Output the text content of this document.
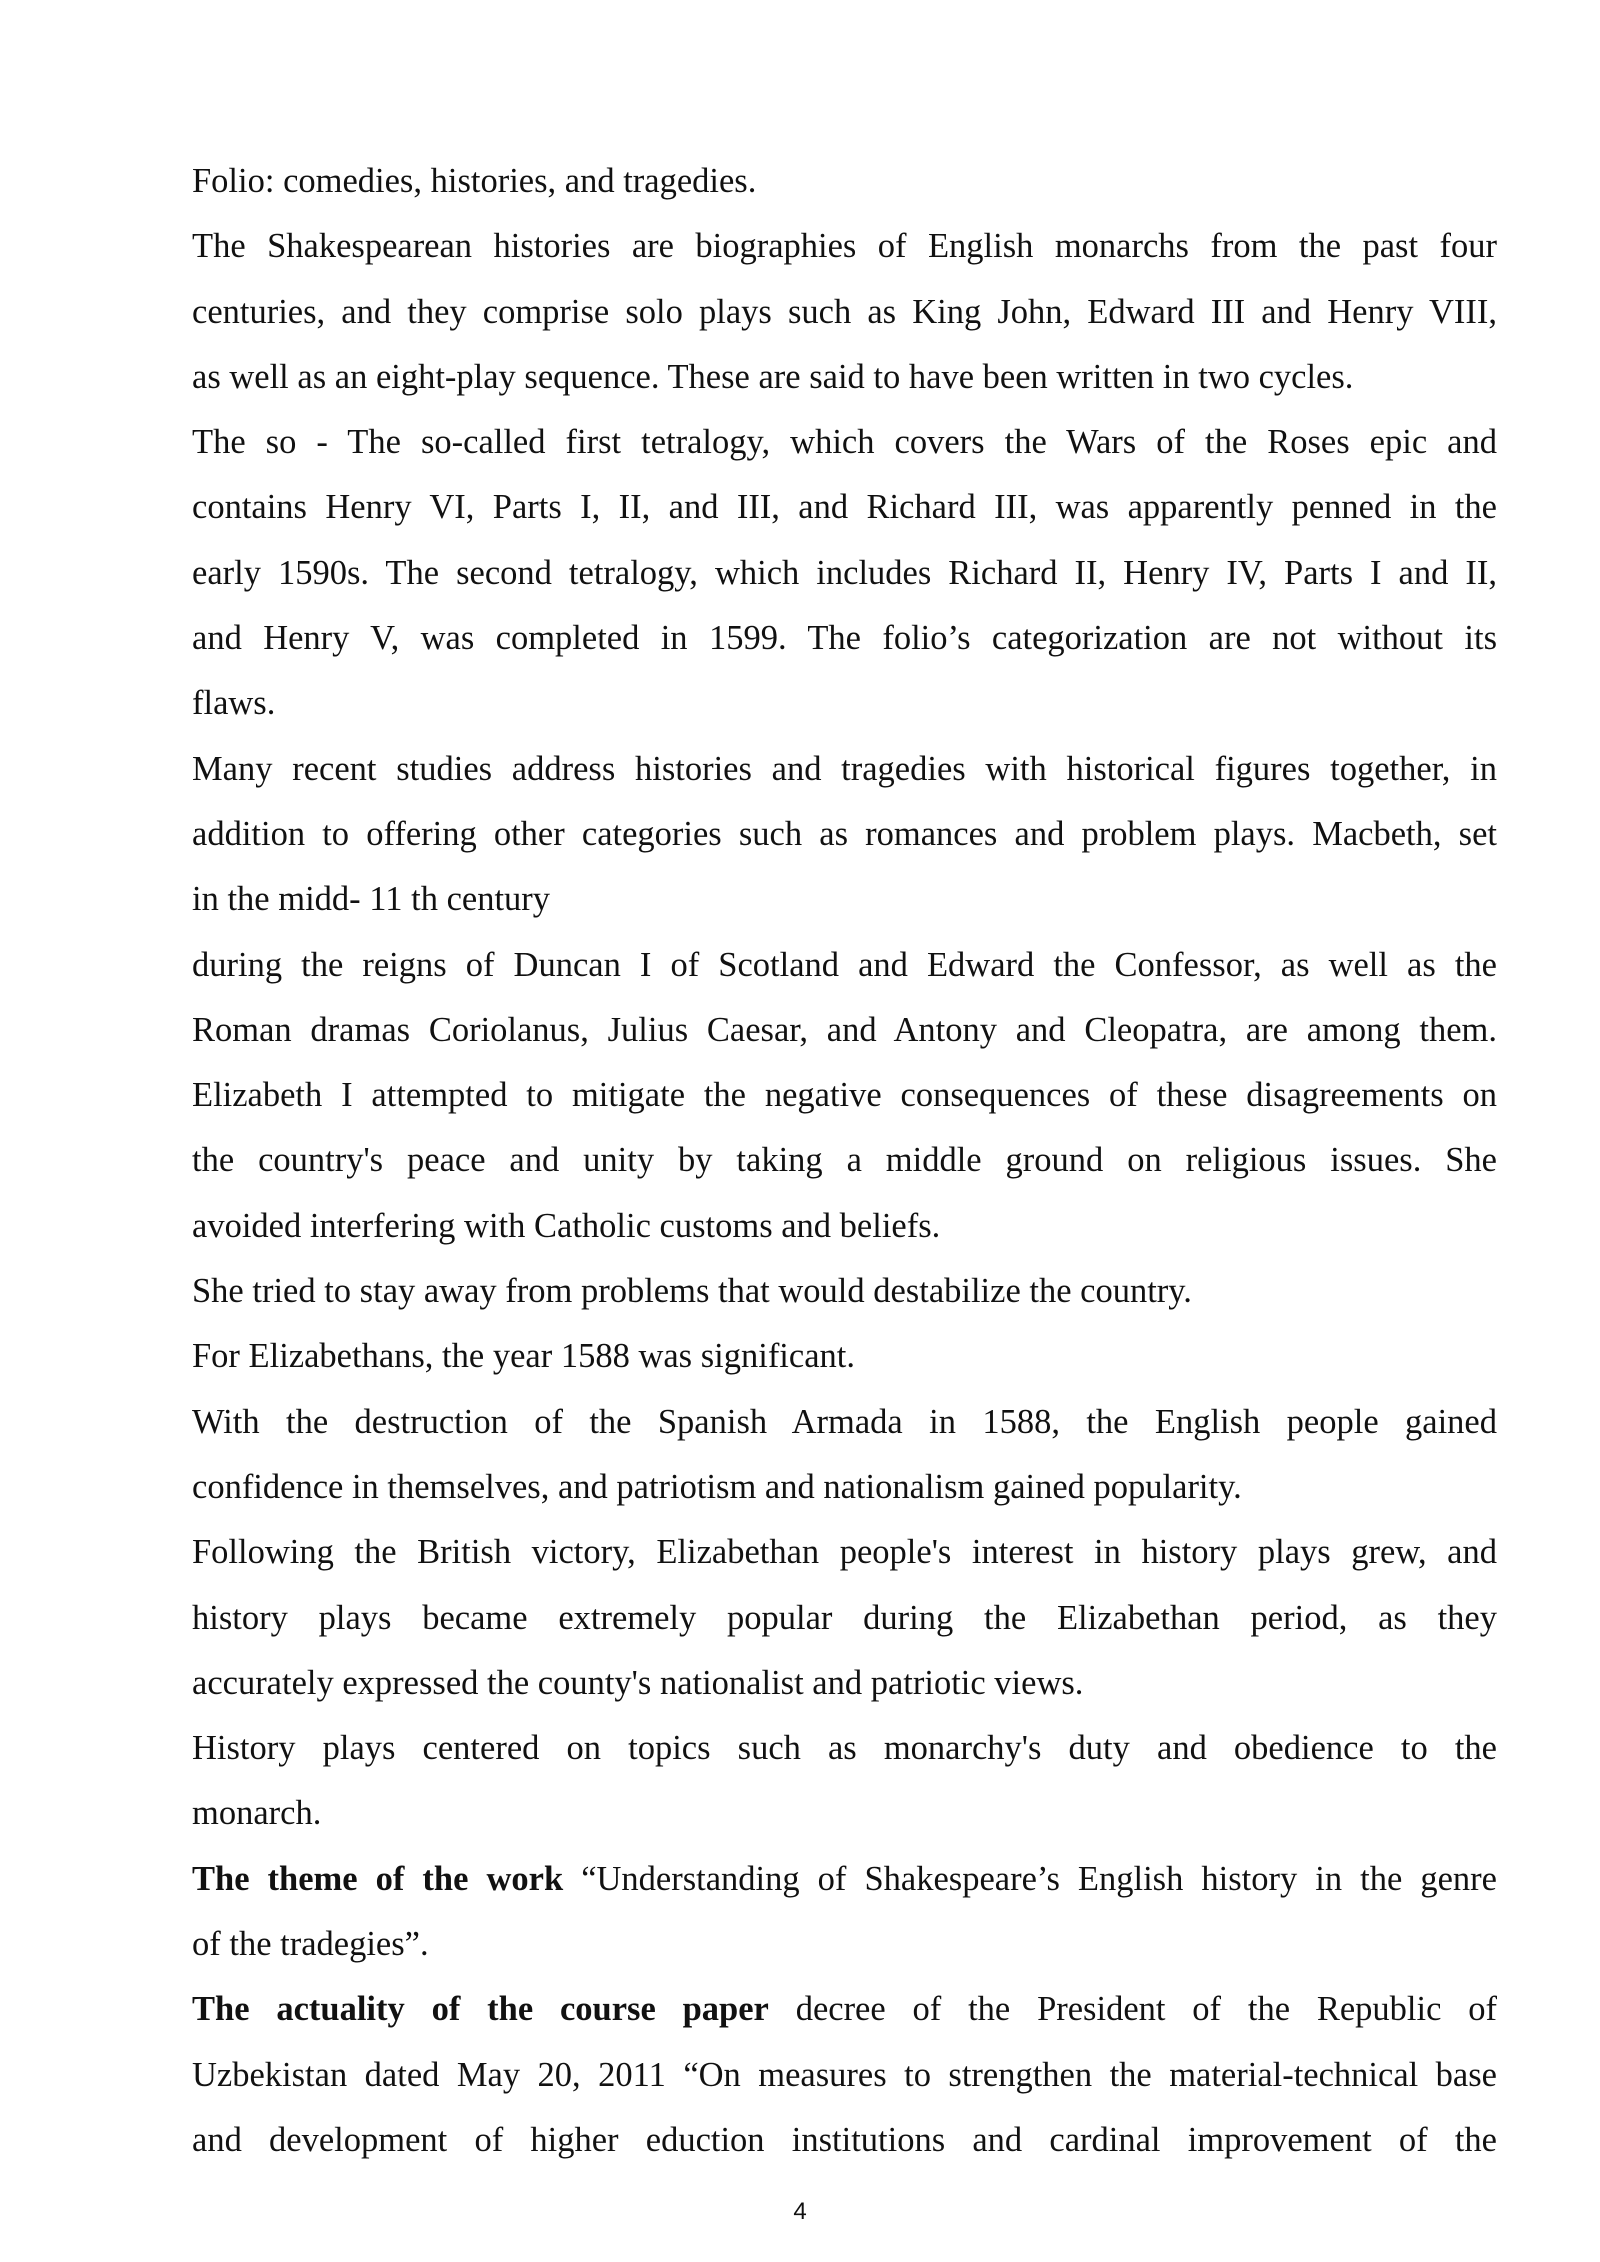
Folio: comedies, histories, and tragedies.
The Shakespearean histories are biographies of English monarchs from the past four
centuries, and they comprise solo plays such as King John, Edward III and Henry VIII,
as well as an eight-play sequence. These are said to have been written in two cycles.
The so - The so-called first tetralogy, which covers the Wars of the Roses epic and
contains Henry VI, Parts I, II, and III, and Richard III, was apparently penned in the
early 1590s. The second tetralogy, which includes Richard II, Henry IV, Parts I and II,
and Henry V, was completed in 1599. The folio’s categorization are not without its
flaws.
Many recent studies address histories and tragedies with historical figures together, in
addition to offering other categories such as romances and problem plays. Macbeth, set
in the midd- 11 th century
during the reigns of Duncan I of Scotland and Edward the Confessor, as well as the
Roman dramas Coriolanus, Julius Caesar, and Antony and Cleopatra, are among them.
Elizabeth I attempted to mitigate the negative consequences of these disagreements on
the country's peace and unity by taking a middle ground on religious issues. She
avoided interfering with Catholic customs and beliefs.
She tried to stay away from problems that would destabilize the country.
For Elizabethans, the year 1588 was significant.
With the destruction of the Spanish Armada in 1588, the English people gained
confidence in themselves, and patriotism and nationalism gained popularity.
Following the British victory, Elizabethan people's interest in history plays grew, and
history plays became extremely popular during the Elizabethan period, as they
accurately expressed the county's nationalist and patriotic views.
History plays centered on topics such as monarchy's duty and obedience to the
monarch.
The theme of the work “Understanding of Shakespeare’s English history in the genre
of the tradegies”.
The actuality of the course paper decree of the President of the Republic of
Uzbekistan dated May 20, 2011 “On measures to strengthen the material-technical base
and development of higher eduction institutions and cardinal improvement of the
4
